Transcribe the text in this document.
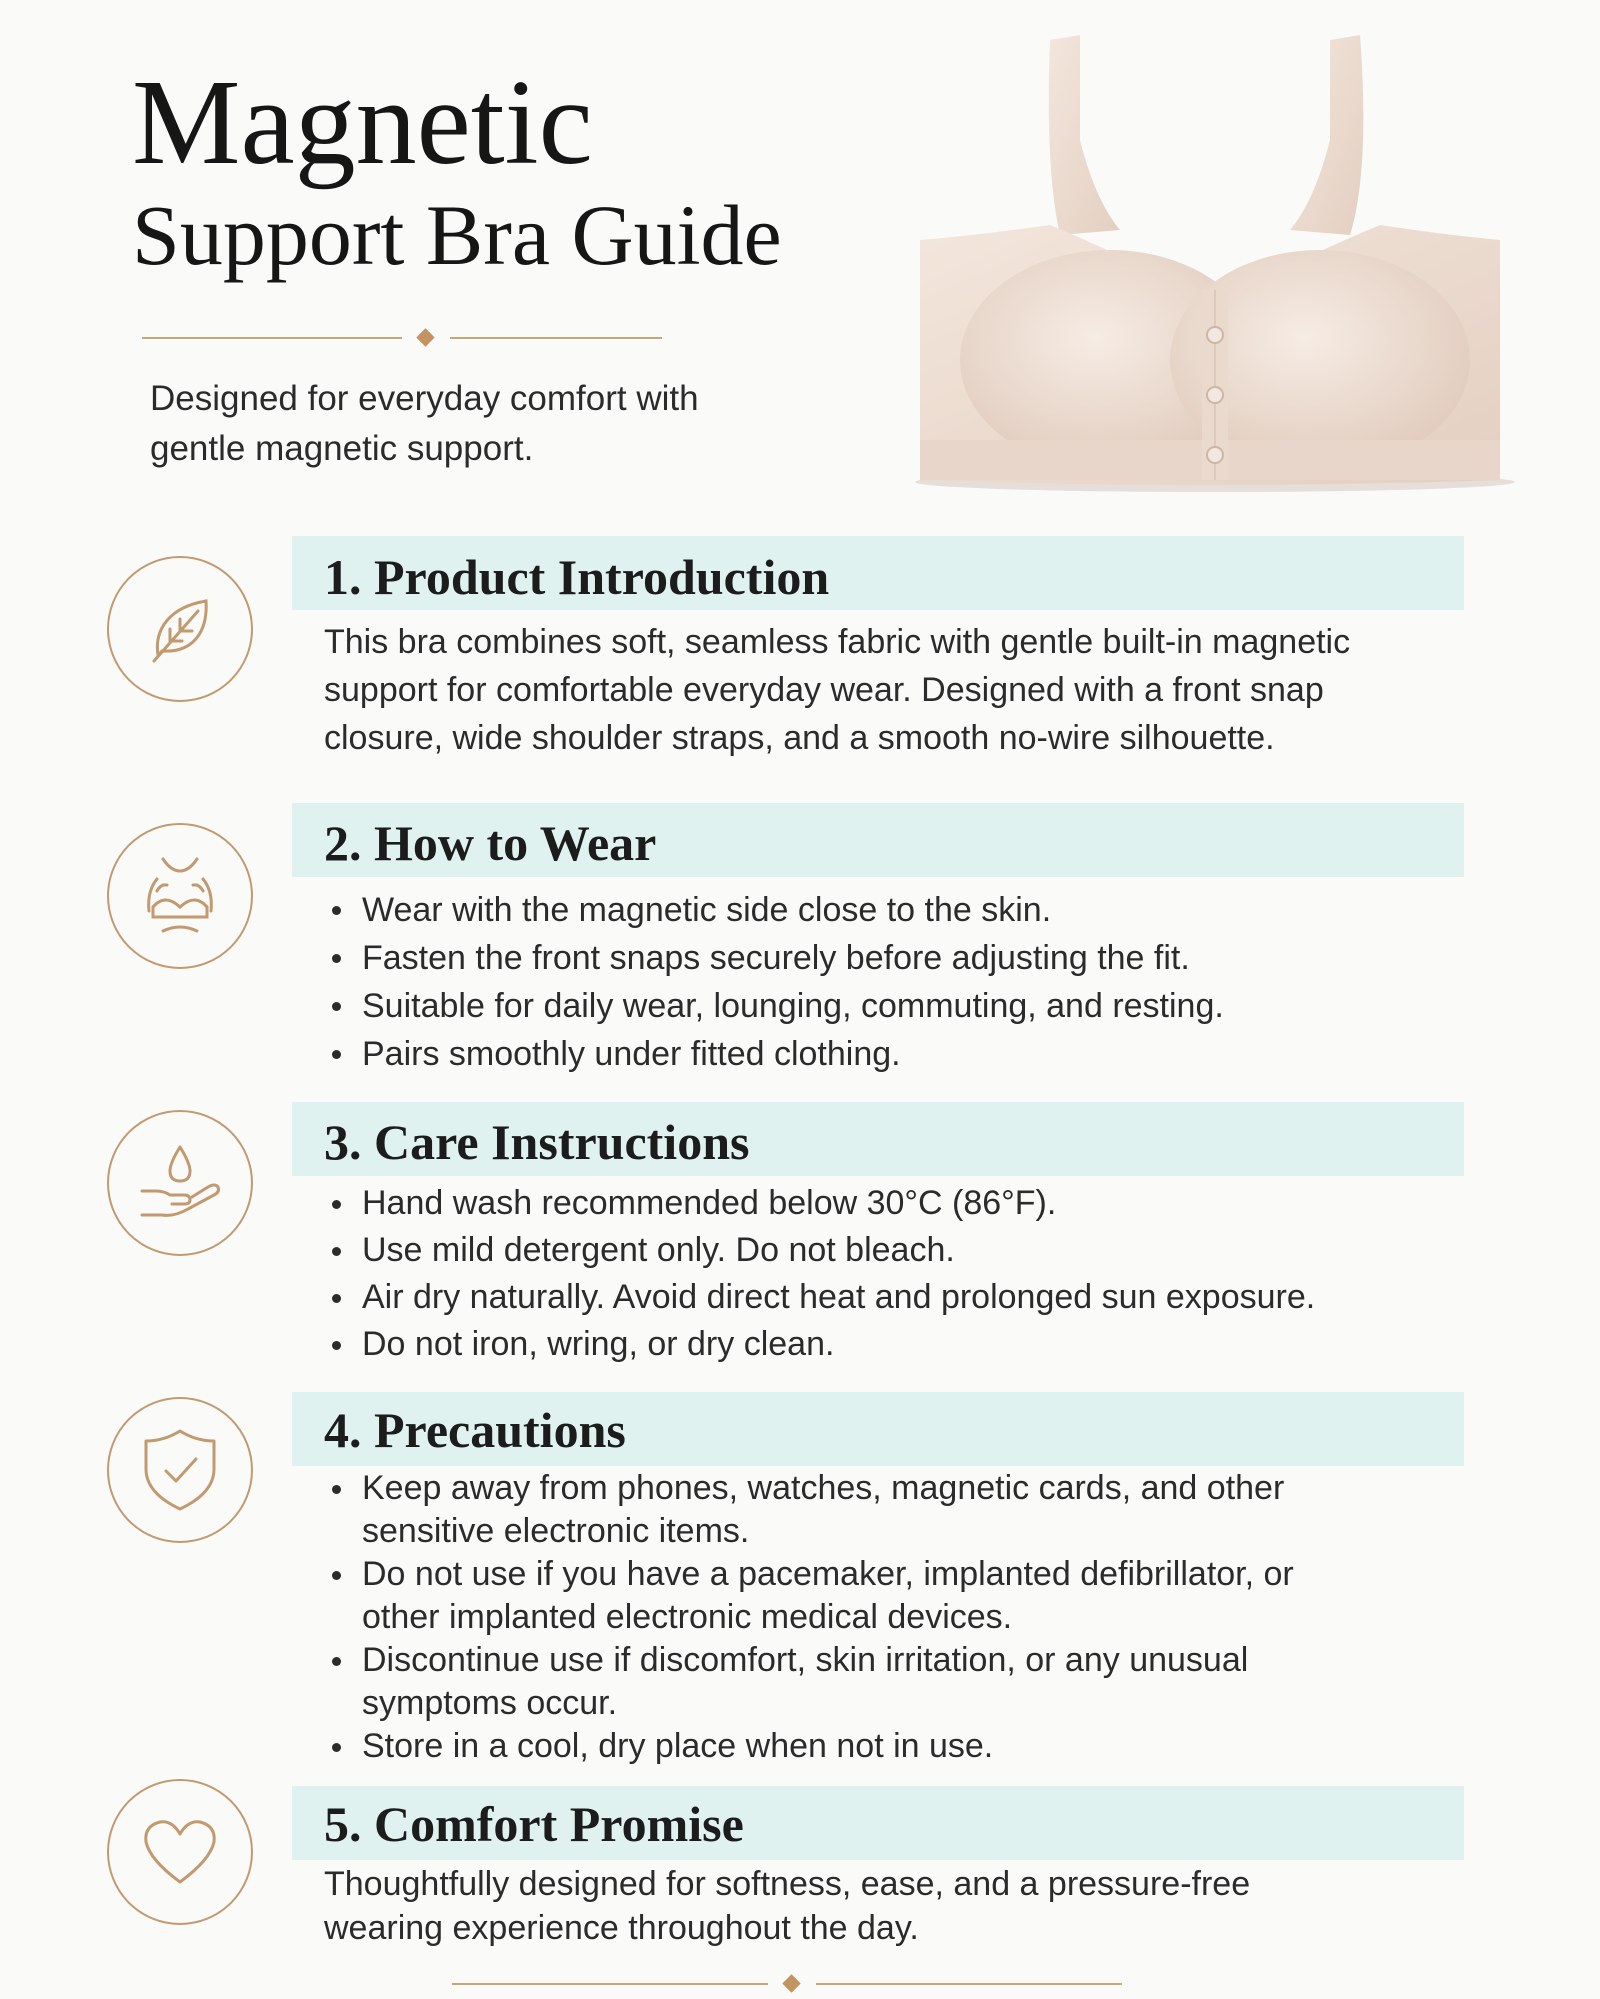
Magnetic
Support Bra Guide
Designed for everyday comfort with gentle magnetic support.
1. Product Introduction

This bra combines soft, seamless fabric with gentle built-in magnetic support for comfortable everyday wear. Designed with a front snap closure, wide shoulder straps, and a smooth no-wire silhouette.

2. How to Wear
Wear with the magnetic side close to the skin.
Fasten the front snaps securely before adjusting the fit.
Suitable for daily wear, lounging, commuting, and resting.
Pairs smoothly under fitted clothing.
3. Care Instructions
Hand wash recommended below 30°C (86°F).
Use mild detergent only. Do not bleach.
Air dry naturally. Avoid direct heat and prolonged sun exposure.
Do not iron, wring, or dry clean.
4. Precautions
Keep away from phones, watches, magnetic cards, and other sensitive electronic items.
Do not use if you have a pacemaker, implanted defibrillator, or other implanted electronic medical devices.
Discontinue use if discomfort, skin irritation, or any unusual symptoms occur.
Store in a cool, dry place when not in use.
5. Comfort Promise

Thoughtfully designed for softness, ease, and a pressure-free wearing experience throughout the day.
